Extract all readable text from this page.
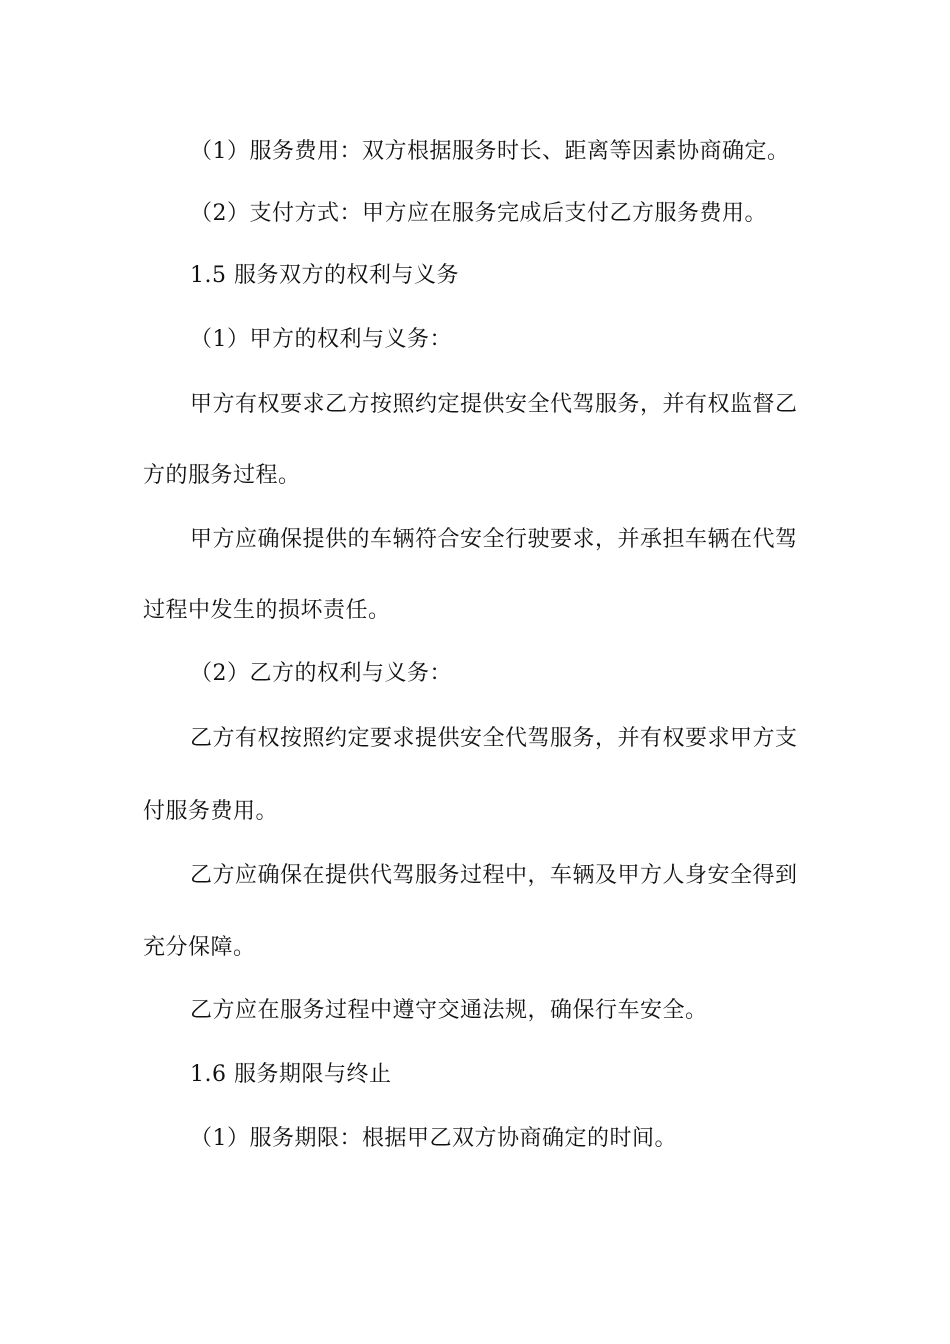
（1）服务费用：双方根据服务时长、距离等因素协商确定。
（2）支付方式：甲方应在服务完成后支付乙方服务费用。
1.5 服务双方的权利与义务
（1）甲方的权利与义务：
甲方有权要求乙方按照约定提供安全代驾服务，并有权监督乙
方的服务过程。
甲方应确保提供的车辆符合安全行驶要求，并承担车辆在代驾
过程中发生的损坏责任。
（2）乙方的权利与义务：
乙方有权按照约定要求提供安全代驾服务，并有权要求甲方支
付服务费用。
乙方应确保在提供代驾服务过程中，车辆及甲方人身安全得到
充分保障。
乙方应在服务过程中遵守交通法规，确保行车安全。
1.6 服务期限与终止
（1）服务期限：根据甲乙双方协商确定的时间。
